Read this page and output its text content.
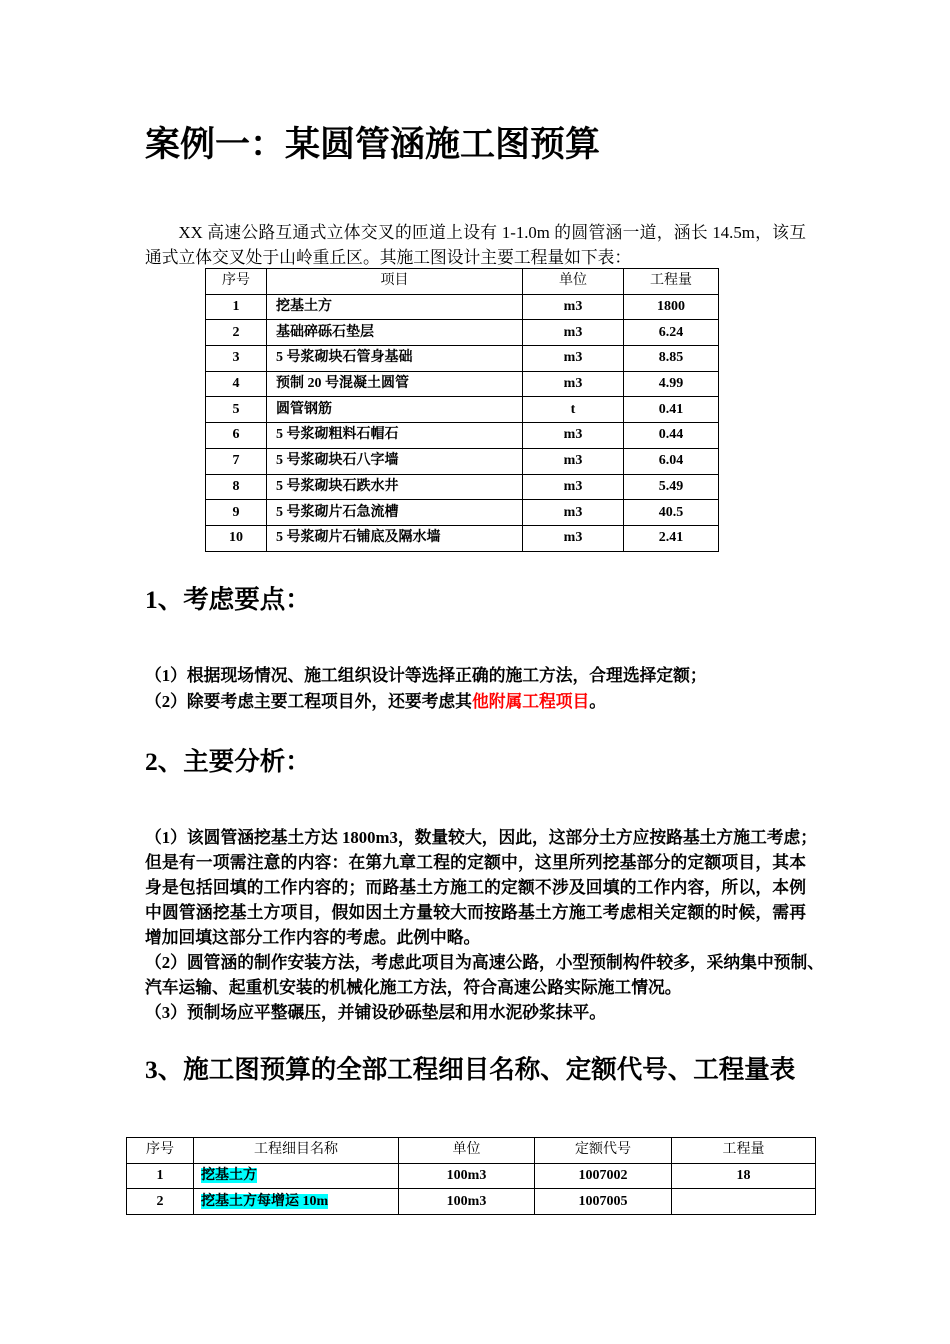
案例一：某圆管涵施工图预算
XX 高速公路互通式立体交叉的匝道上设有 1-1.0m 的圆管涵一道，涵长 14.5m，该互
通式立体交叉处于山岭重丘区。其施工图设计主要工程量如下表：
序号	项目	单位	工程量
1	挖基土方	m3	1800
2	基础碎砾石垫层	m3	6.24
3	5 号浆砌块石管身基础	m3	8.85
4	预制 20 号混凝土圆管	m3	4.99
5	圆管钢筋	t	0.41
6	5 号浆砌粗料石帽石	m3	0.44
7	5 号浆砌块石八字墙	m3	6.04
8	5 号浆砌块石跌水井	m3	5.49
9	5 号浆砌片石急流槽	m3	40.5
10	5 号浆砌片石铺底及隔水墙	m3	2.41
1、考虑要点：
（1）根据现场情况、施工组织设计等选择正确的施工方法，合理选择定额；
（2）除要考虑主要工程项目外，还要考虑其他附属工程项目。
2、主要分析：
（1）该圆管涵挖基土方达 1800m3，数量较大，因此，这部分土方应按路基土方施工考虑；
但是有一项需注意的内容：在第九章工程的定额中，这里所列挖基部分的定额项目，其本
身是包括回填的工作内容的；而路基土方施工的定额不涉及回填的工作内容，所以，本例
中圆管涵挖基土方项目，假如因土方量较大而按路基土方施工考虑相关定额的时候，需再
增加回填这部分工作内容的考虑。此例中略。
（2）圆管涵的制作安装方法，考虑此项目为高速公路，小型预制构件较多，采纳集中预制、
汽车运输、起重机安装的机械化施工方法，符合高速公路实际施工情况。
（3）预制场应平整碾压，并铺设砂砾垫层和用水泥砂浆抹平。
3、施工图预算的全部工程细目名称、定额代号、工程量表
序号	工程细目名称	单位	定额代号	工程量
1	挖基土方	100m3	1007002	18
2	挖基土方每增运 10m	100m3	1007005	
